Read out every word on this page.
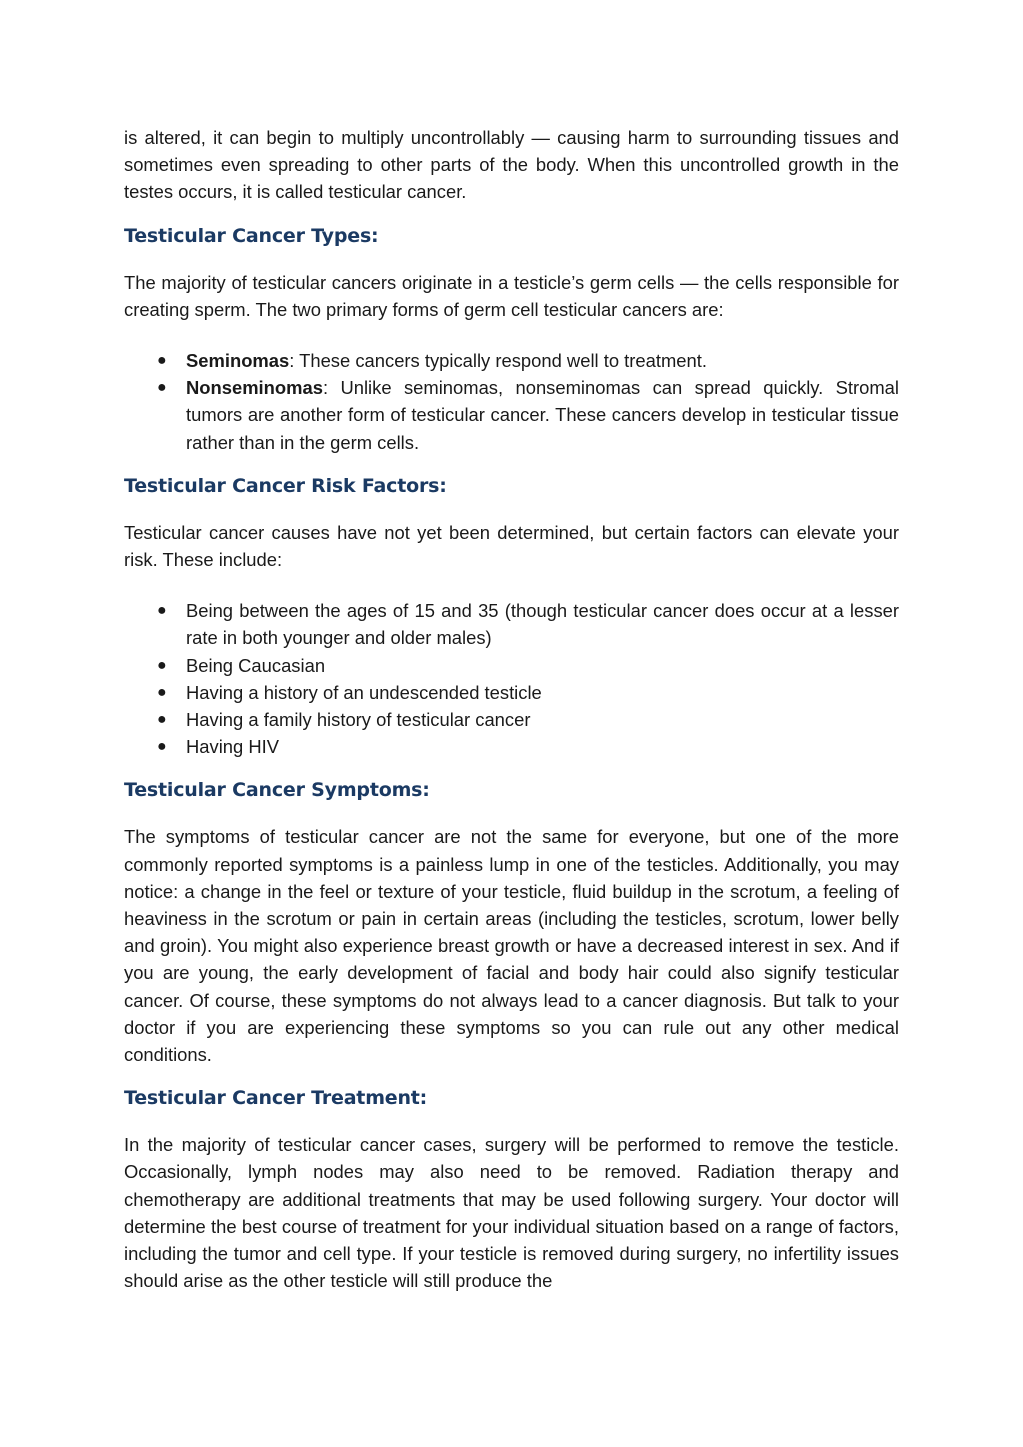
is altered, it can begin to multiply uncontrollably — causing harm to surrounding tissues and sometimes even spreading to other parts of the body. When this uncontrolled growth in the testes occurs, it is called testicular cancer.

Testicular Cancer Types:

The majority of testicular cancers originate in a testicle’s germ cells — the cells responsible for creating sperm. The two primary forms of germ cell testicular cancers are:

● Seminomas: These cancers typically respond well to treatment.
● Nonseminomas: Unlike seminomas, nonseminomas can spread quickly. Stromal tumors are another form of testicular cancer. These cancers develop in testicular tissue rather than in the germ cells.
Testicular Cancer Risk Factors:

Testicular cancer causes have not yet been determined, but certain factors can elevate your risk. These include:

● Being between the ages of 15 and 35 (though testicular cancer does occur at a lesser rate in both younger and older males)
● Being Caucasian
● Having a history of an undescended testicle
● Having a family history of testicular cancer
● Having HIV
Testicular Cancer Symptoms:

The symptoms of testicular cancer are not the same for everyone, but one of the more commonly reported symptoms is a painless lump in one of the testicles. Additionally, you may notice: a change in the feel or texture of your testicle, fluid buildup in the scrotum, a feeling of heaviness in the scrotum or pain in certain areas (including the testicles, scrotum, lower belly and groin). You might also experience breast growth or have a decreased interest in sex. And if you are young, the early development of facial and body hair could also signify testicular cancer. Of course, these symptoms do not always lead to a cancer diagnosis. But talk to your doctor if you are experiencing these symptoms so you can rule out any other medical conditions.

Testicular Cancer Treatment:

In the majority of testicular cancer cases, surgery will be performed to remove the testicle. Occasionally, lymph nodes may also need to be removed. Radiation therapy and chemotherapy are additional treatments that may be used following surgery. Your doctor will determine the best course of treatment for your individual situation based on a range of factors, including the tumor and cell type. If your testicle is removed during surgery, no infertility issues should arise as the other testicle will still produce the
